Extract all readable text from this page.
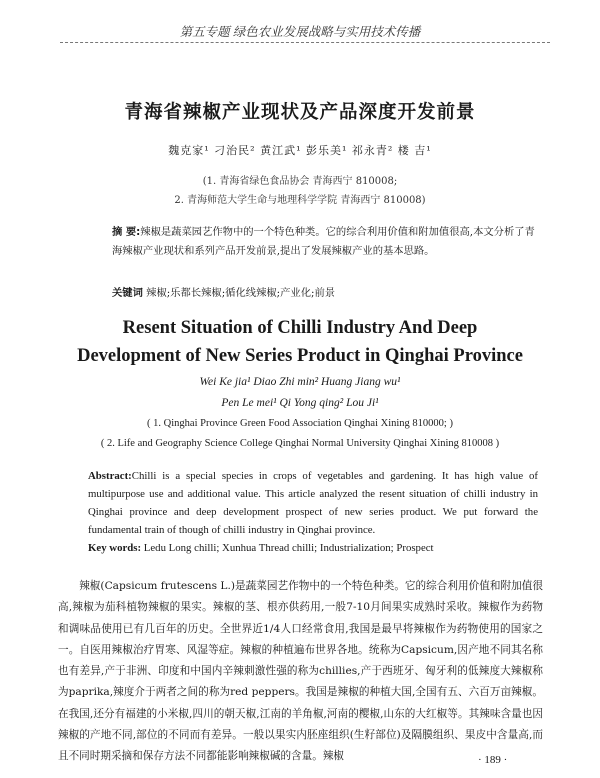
第五专题 绿色农业发展战略与实用技术传播
青海省辣椒产业现状及产品深度开发前景
魏克家¹ 刁治民² 黄江武¹ 彭乐美¹ 祁永青² 楼 吉¹
(1. 青海省绿色食品协会 青海西宁 810008;
2. 青海师范大学生命与地理科学学院 青海西宁 810008)
摘 要:辣椒是蔬菜园艺作物中的一个特色种类。它的综合利用价值和附加值很高,本文分析了青海辣椒产业现状和系列产品开发前景,提出了发展辣椒产业的基本思路。
关键词 辣椒;乐都长辣椒;循化线辣椒;产业化;前景
Resent Situation of Chilli Industry And Deep
Development of New Series Product in Qinghai Province
Wei Ke jia¹ Diao Zhi min² Huang Jiang wu¹
Pen Le mei¹ Qi Yong qing² Lou Ji¹
( 1. Qinghai Province Green Food Association Qinghai Xining 810000; )
( 2. Life and Geography Science College Qinghai Normal University Qinghai Xining 810008 )
Abstract:Chilli is a special species in crops of vegetables and gardening. It has high value of multipurpose use and additional value. This article analyzed the resent situation of chilli industry in Qinghai province and deep development prospect of new series product. We put forward the fundamental train of though of chilli industry in Qinghai province.
Key words: Ledu Long chilli; Xunhua Thread chilli; Industrialization; Prospect
辣椒(Capsicum frutescens L.)是蔬菜园艺作物中的一个特色种类。它的综合利用价值和附加值很高,辣椒为茄科植物辣椒的果实。辣椒的茎、根亦供药用,一般7-10月间果实成熟时采收。辣椒作为药物和调味品使用已有几百年的历史。全世界近1/4人口经常食用,我国是最早将辣椒作为药物使用的国家之一。自医用辣椒治疗胃寒、风湿等症。辣椒的种植遍布世界各地。统称为Capsicum,因产地不同其名称也有差异,产于非洲、印度和中国内辛辣刺激性强的称为chillies,产于西班牙、匈牙利的低辣度大辣椒称为paprika,辣度介于两者之间的称为red peppers。我国是辣椒的种植大国,全国有五、六百万亩辣椒。在我国,还分有福建的小米椒,四川的朝天椒,江南的羊角椒,河南的樱椒,山东的大红椒等。其辣味含量也因辣椒的产地不同,部位的不同而有差异。一般以果实内胚座组织(生籽部位)及隔膜组织、果皮中含量高,而且不同时期采摘和保存方法不同都能影响辣椒碱的含量。辣椒	· 189 ·
